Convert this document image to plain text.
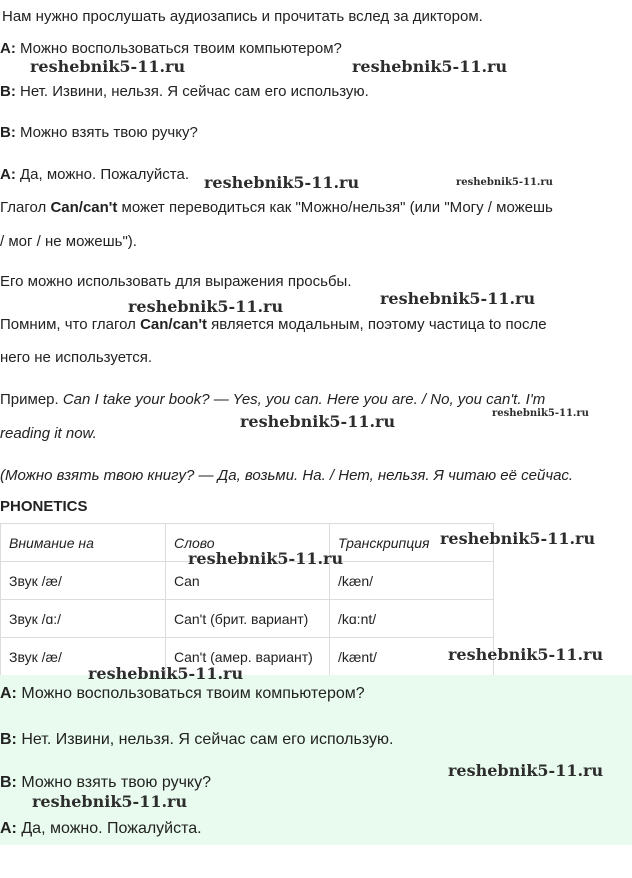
Нам нужно прослушать аудиозапись и прочитать вслед за диктором.
A: Можно воспользоваться твоим компьютером?
B: Нет. Извини, нельзя. Я сейчас сам его использую.
B: Можно взять твою ручку?
A: Да, можно. Пожалуйста.
Глагол Can/can't может переводиться как "Можно/нельзя" (или "Могу / можешь
/ мог / не можешь").
Его можно использовать для выражения просьбы.
Помним, что глагол Can/can't является модальным, поэтому частица to после
него не используется.
Пример. Can I take your book? — Yes, you can. Here you are. / No, you can't. I'm
reading it now.
(Можно взять твою книгу? — Да, возьми. На. / Нет, нельзя. Я читаю её сейчас.
PHONETICS
Внимание на	Слово	Транскрипция
Звук /æ/	Can	/kæn/
Звук /ɑ:/	Can't (брит. вариант)	/kɑ:nt/
Звук /æ/	Can't (амер. вариант)	/kænt/
A: Можно воспользоваться твоим компьютером?
B: Нет. Извини, нельзя. Я сейчас сам его использую.
B: Можно взять твою ручку?
A: Да, можно. Пожалуйста.
reshebnik5-11.ru	reshebnik5-11.ru
reshebnik5-11.ru	reshebnik5-11.ru
reshebnik5-11.ru
reshebnik5-11.ru
reshebnik5-11.ru
reshebnik5-11.ru
reshebnik5-11.ru
reshebnik5-11.ru
reshebnik5-11.ru
reshebnik5-11.ru
reshebnik5-11.ru
reshebnik5-11.ru
